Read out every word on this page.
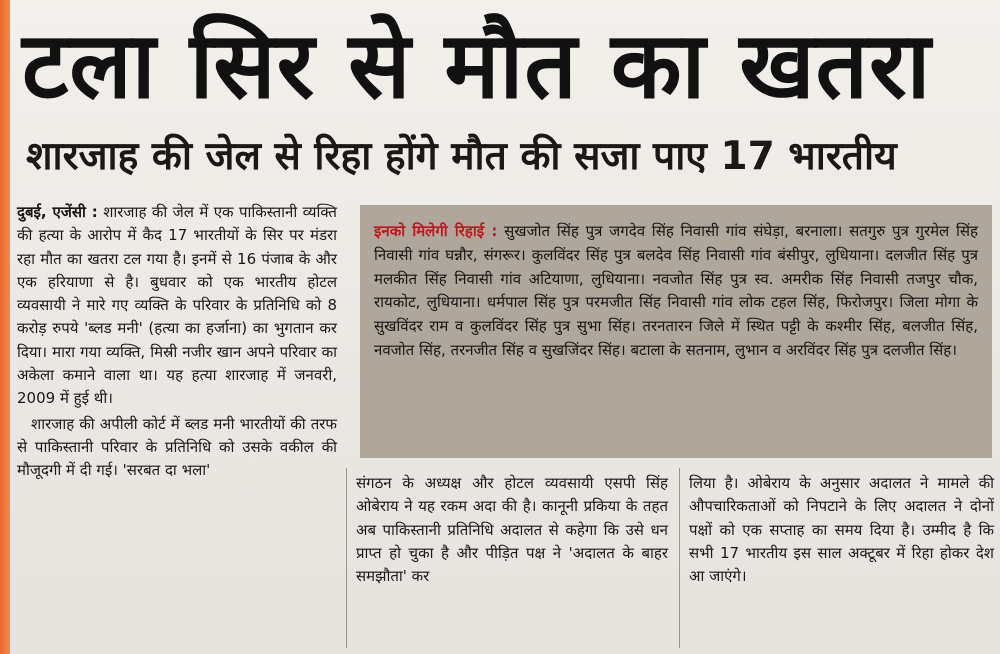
टला सिर से मौत का खतरा
शारजाह की जेल से रिहा होंगे मौत की सजा पाए 17 भारतीय

दुबई, एजेंसी : शारजाह की जेल में एक पाकिस्तानी व्यक्ति की हत्या के आरोप में कैद 17 भारतीयों के सिर पर मंडरा रहा मौत का खतरा टल गया है। इनमें से 16 पंजाब के और एक हरियाणा से है। बुधवार को एक भारतीय होटल व्यवसायी ने मारे गए व्यक्ति के परिवार के प्रतिनिधि को 8 करोड़ रुपये 'ब्लड मनी' (हत्या का हर्जाना) का भुगतान कर दिया। मारा गया व्यक्ति, मिस्री नजीर खान अपने परिवार का अकेला कमाने वाला था। यह हत्या शारजाह में जनवरी, 2009 में हुई थी।

शारजाह की अपीली कोर्ट में ब्लड मनी भारतीयों की तरफ से पाकिस्तानी परिवार के प्रतिनिधि को उसके वकील की मौजूदगी में दी गई। 'सरबत दा भला'

इनको मिलेगी रिहाई : सुखजोत सिंह पुत्र जगदेव सिंह निवासी गांव संघेड़ा, बरनाला। सतगुरु पुत्र गुरमेल सिंह निवासी गांव घन्नौर, संगरूर। कुलविंदर सिंह पुत्र बलदेव सिंह निवासी गांव बंसीपुर, लुधियाना। दलजीत सिंह पुत्र मलकीत सिंह निवासी गांव अटियाणा, लुधियाना। नवजोत सिंह पुत्र स्व. अमरीक सिंह निवासी तजपुर चौक, रायकोट, लुधियाना। धर्मपाल सिंह पुत्र परमजीत सिंह निवासी गांव लोक टहल सिंह, फिरोजपुर। जिला मोगा के सुखविंदर राम व कुलविंदर सिंह पुत्र सुभा सिंह। तरनतारन जिले में स्थित पट्टी के कश्मीर सिंह, बलजीत सिंह, नवजोत सिंह, तरनजीत सिंह व सुखजिंदर सिंह। बटाला के सतनाम, लुभान व अरविंदर सिंह पुत्र दलजीत सिंह।

संगठन के अध्यक्ष और होटल व्यवसायी एसपी सिंह ओबेराय ने यह रकम अदा की है। कानूनी प्रकिया के तहत अब पाकिस्तानी प्रतिनिधि अदालत से कहेगा कि उसे धन प्राप्त हो चुका है और पीड़ित पक्ष ने 'अदालत के बाहर समझौता' कर

लिया है। ओबेराय के अनुसार अदालत ने मामले की औपचारिकताओं को निपटाने के लिए अदालत ने दोनों पक्षों को एक सप्ताह का समय दिया है। उम्मीद है कि सभी 17 भारतीय इस साल अक्टूबर में रिहा होकर देश आ जाएंगे।
